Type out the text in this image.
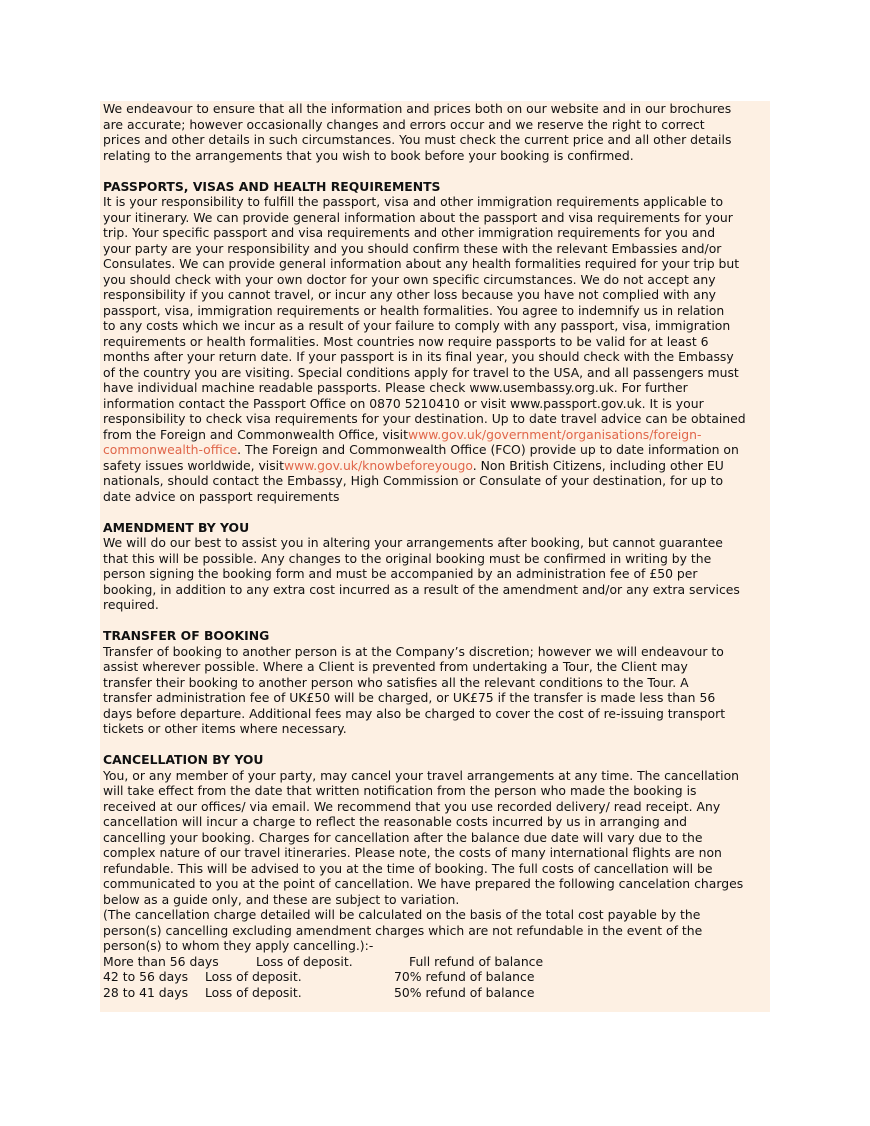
We endeavour to ensure that all the information and prices both on our website and in our brochures
are accurate; however occasionally changes and errors occur and we reserve the right to correct
prices and other details in such circumstances. You must check the current price and all other details
relating to the arrangements that you wish to book before your booking is confirmed.
PASSPORTS, VISAS AND HEALTH REQUIREMENTS
It is your responsibility to fulfill the passport, visa and other immigration requirements applicable to
your itinerary. We can provide general information about the passport and visa requirements for your
trip. Your specific passport and visa requirements and other immigration requirements for you and
your party are your responsibility and you should confirm these with the relevant Embassies and/or
Consulates. We can provide general information about any health formalities required for your trip but
you should check with your own doctor for your own specific circumstances. We do not accept any
responsibility if you cannot travel, or incur any other loss because you have not complied with any
passport, visa, immigration requirements or health formalities. You agree to indemnify us in relation
to any costs which we incur as a result of your failure to comply with any passport, visa, immigration
requirements or health formalities. Most countries now require passports to be valid for at least 6
months after your return date. If your passport is in its final year, you should check with the Embassy
of the country you are visiting. Special conditions apply for travel to the USA, and all passengers must
have individual machine readable passports. Please check www.usembassy.org.uk. For further
information contact the Passport Office on 0870 5210410 or visit www.passport.gov.uk. It is your
responsibility to check visa requirements for your destination. Up to date travel advice can be obtained
from the Foreign and Commonwealth Office, visitwww.gov.uk/government/organisations/foreign-
commonwealth-office. The Foreign and Commonwealth Office (FCO) provide up to date information on
safety issues worldwide, visitwww.gov.uk/knowbeforeyougo. Non British Citizens, including other EU
nationals, should contact the Embassy, High Commission or Consulate of your destination, for up to
date advice on passport requirements
AMENDMENT BY YOU
We will do our best to assist you in altering your arrangements after booking, but cannot guarantee
that this will be possible. Any changes to the original booking must be confirmed in writing by the
person signing the booking form and must be accompanied by an administration fee of £50 per
booking, in addition to any extra cost incurred as a result of the amendment and/or any extra services
required.
TRANSFER OF BOOKING
Transfer of booking to another person is at the Company’s discretion; however we will endeavour to
assist wherever possible. Where a Client is prevented from undertaking a Tour, the Client may
transfer their booking to another person who satisfies all the relevant conditions to the Tour. A
transfer administration fee of UK£50 will be charged, or UK£75 if the transfer is made less than 56
days before departure. Additional fees may also be charged to cover the cost of re-issuing transport
tickets or other items where necessary.
CANCELLATION BY YOU
You, or any member of your party, may cancel your travel arrangements at any time. The cancellation
will take effect from the date that written notification from the person who made the booking is
received at our offices/ via email. We recommend that you use recorded delivery/ read receipt. Any
cancellation will incur a charge to reflect the reasonable costs incurred by us in arranging and
cancelling your booking. Charges for cancellation after the balance due date will vary due to the
complex nature of our travel itineraries. Please note, the costs of many international flights are non
refundable. This will be advised to you at the time of booking. The full costs of cancellation will be
communicated to you at the point of cancellation. We have prepared the following cancelation charges
below as a guide only, and these are subject to variation.
(The cancellation charge detailed will be calculated on the basis of the total cost payable by the
person(s) cancelling excluding amendment charges which are not refundable in the event of the
person(s) to whom they apply cancelling.):-
More than 56 days	Loss of deposit.	Full refund of balance
42 to 56 days Loss of deposit.	70% refund of balance
28 to 41 days Loss of deposit.	50% refund of balance
